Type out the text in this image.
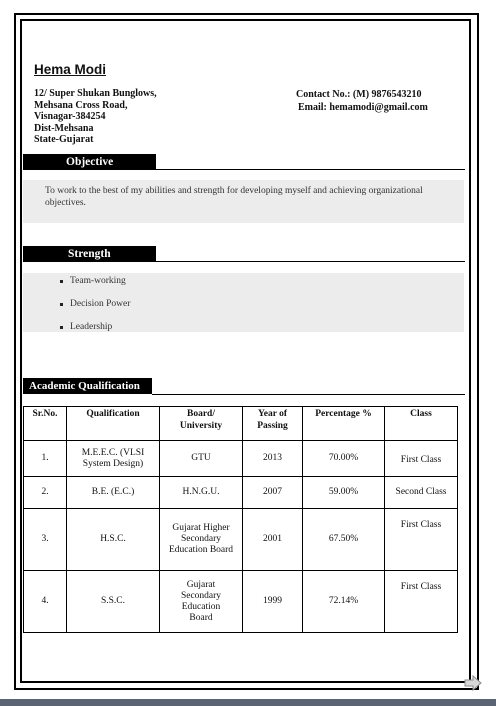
Hema Modi
12/ Super Shukan Bunglows,
Mehsana Cross Road,
Visnagar-384254
Dist-Mehsana
State-Gujarat
Contact No.: (M) 9876543210
Email: hemamodi@gmail.com
Objective
To work to the best of my abilities and strength for developing myself and achieving organizational objectives.
Strength
Team-working
Decision Power
Leadership
Academic Qualification
Sr.No.	Qualification	Board/ University	Year of Passing	Percentage %	Class
1.	M.E.E.C. (VLSI System Design)	GTU	2013	70.00%	First Class
2.	B.E. (E.C.)	H.N.G.U.	2007	59.00%	Second Class
3.	H.S.C.	Gujarat Higher Secondary Education Board	2001	67.50%	First Class
4.	S.S.C.	Gujarat Secondary Education Board	1999	72.14%	First Class
